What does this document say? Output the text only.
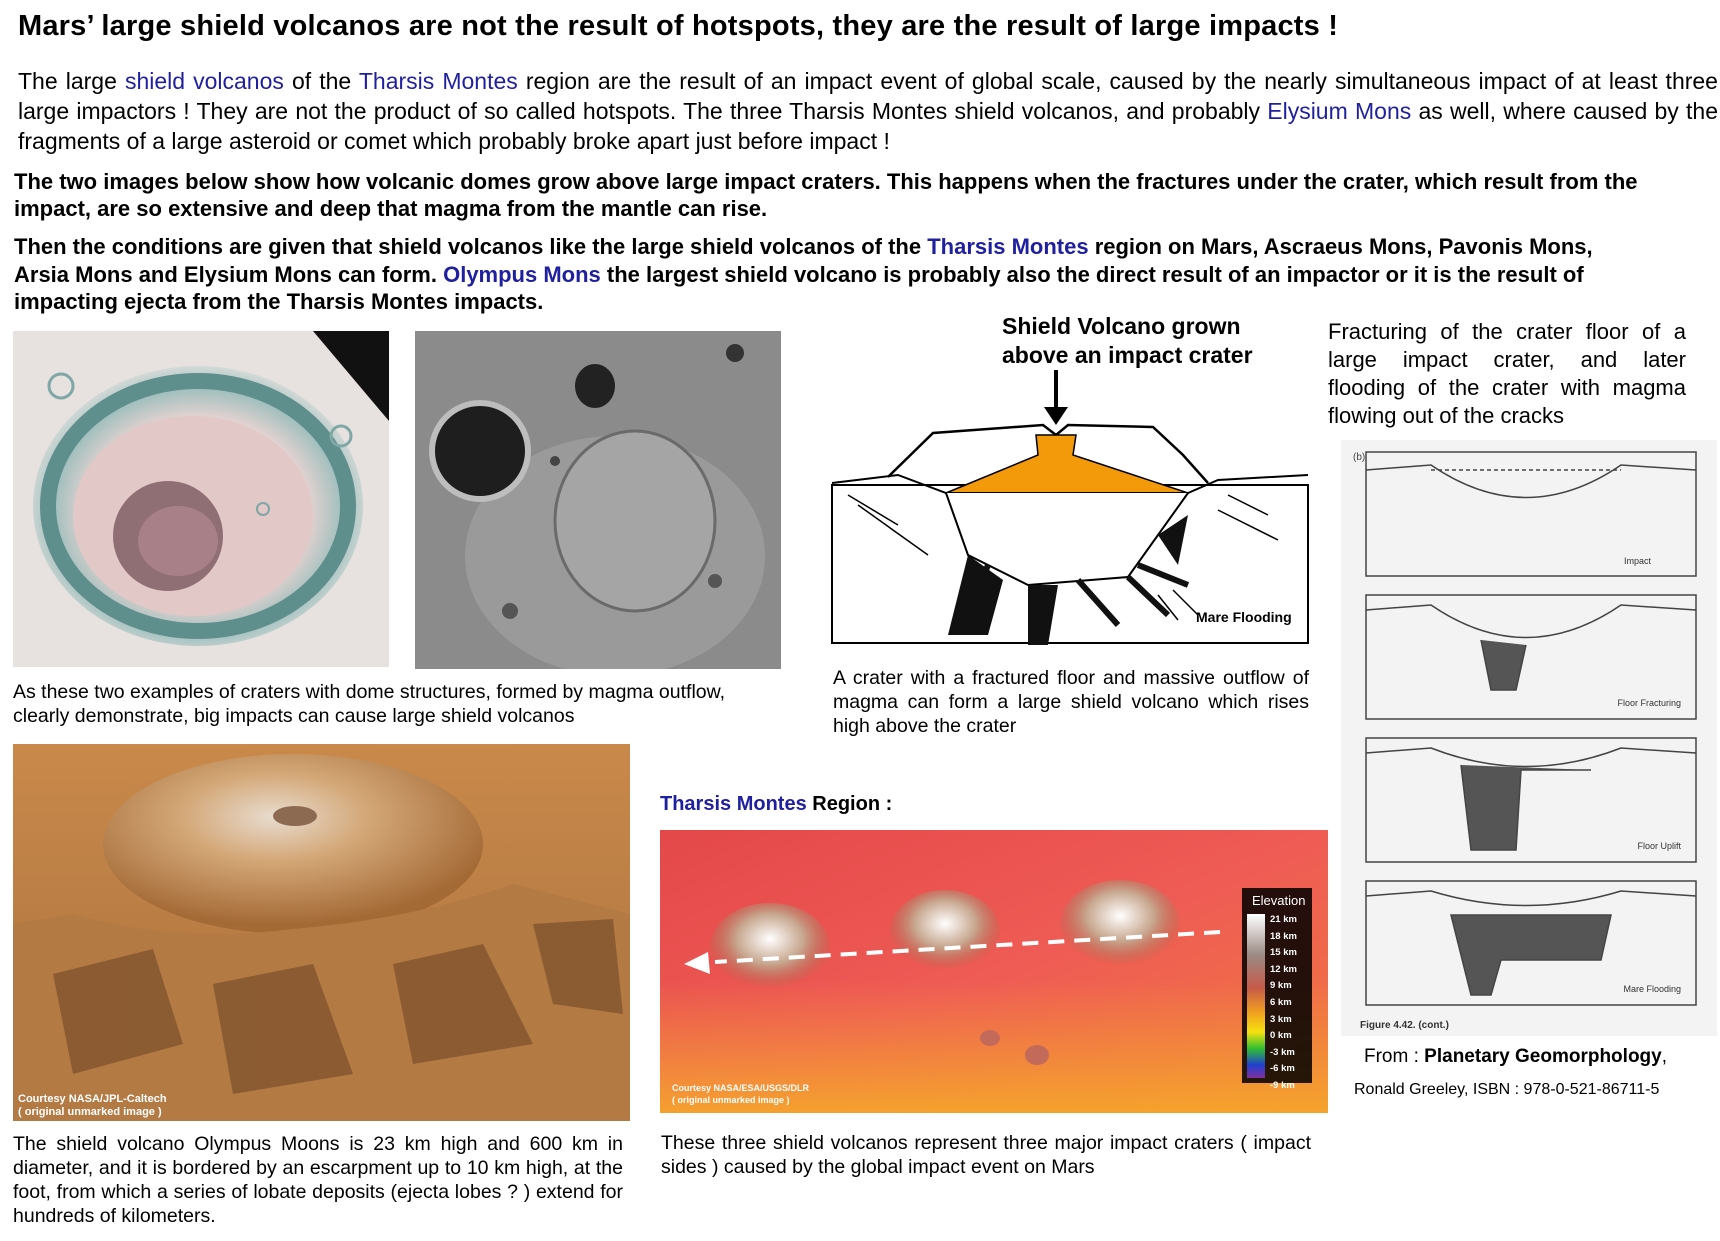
Mars’ large shield volcanos are not the result of hotspots, they are the result of large impacts !
The large shield volcanos of the Tharsis Montes region are the result of an impact event of global scale, caused by the nearly simultaneous impact of at least three large impactors ! They are not the product of so called hotspots. The three Tharsis Montes shield volcanos, and probably Elysium Mons as well, where caused by the fragments of a large asteroid or comet which probably broke apart just before impact !
The two images below show how volcanic domes grow above large impact craters. This happens when the fractures under the crater, which result from the impact, are so extensive and deep that magma from the mantle can rise.
Then the conditions are given that shield volcanos like the large shield volcanos of the Tharsis Montes region on Mars, Ascraeus Mons, Pavonis Mons, Arsia Mons and Elysium Mons can form. Olympus Mons the largest shield volcano is probably also the direct result of an impactor or it is the result of impacting ejecta from the Tharsis Montes impacts.
As these two examples of craters with dome structures, formed by magma outflow, clearly demonstrate, big impacts can cause large shield volcanos
Shield Volcano grown
above an impact crater
Mare Flooding
A crater with a fractured floor and massive outflow of magma can form a large shield volcano which rises high above the crater
Fracturing of the crater floor of a large impact crater, and later flooding of the crater with magma flowing out of the cracks
(b)
Impact
Floor Fracturing
Floor Uplift
Mare Flooding
Figure 4.42. (cont.)
From : Planetary Geomorphology,
Ronald Greeley, ISBN : 978-0-521-86711-5
Courtesy NASA/JPL-Caltech
( original unmarked image )
The shield volcano Olympus Moons is 23 km high and 600 km in diameter, and it is bordered by an escarpment up to 10 km high, at the foot, from which a series of lobate deposits (ejecta lobes ? ) extend for hundreds of kilometers.
Tharsis Montes Region :
Elevation
21 km
18 km
15 km
12 km
9 km
6 km
3 km
0 km
-3 km
-6 km
-9 km
Courtesy NASA/ESA/USGS/DLR
( original unmarked image )
These three shield volcanos represent three major impact craters ( impact sides ) caused by the global impact event on Mars
